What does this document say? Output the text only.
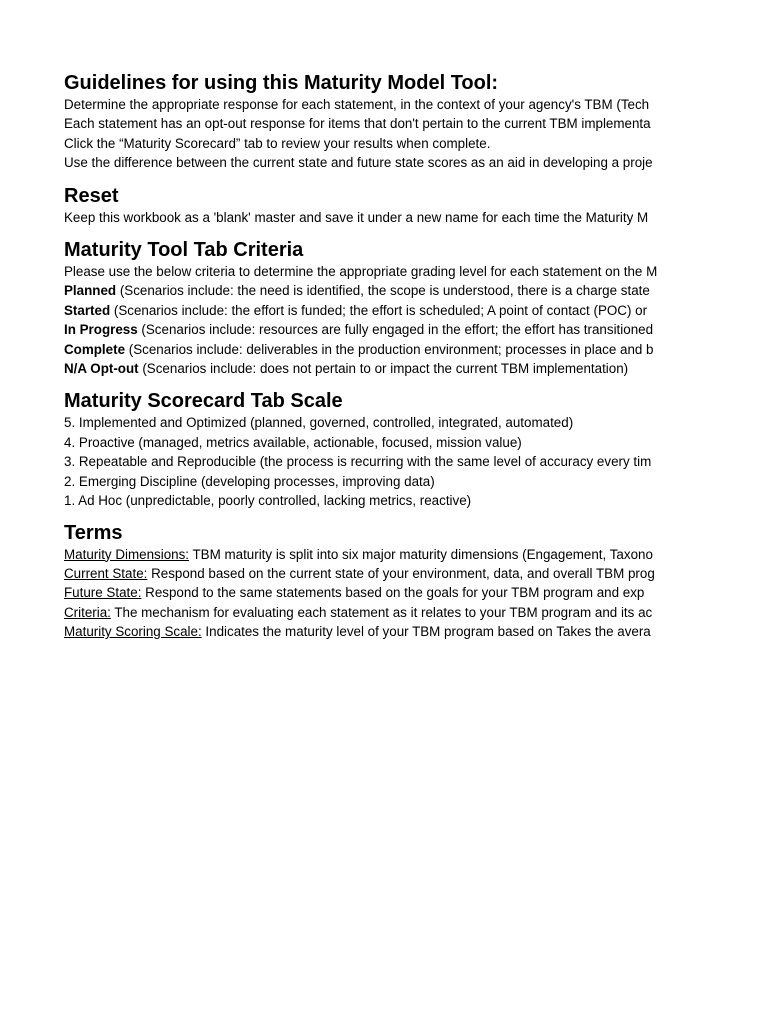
Guidelines for using this Maturity Model Tool:
Determine the appropriate response for each statement, in the context of your agency's TBM (Tech
Each statement has an opt-out response for items that don't pertain to the current TBM implementa
Click the “Maturity Scorecard” tab to review your results when complete.
Use the difference between the current state and future state scores as an aid in developing a proje
Reset
Keep this workbook as a 'blank' master and save it under a new name for each time the Maturity M
Maturity Tool Tab Criteria
Please use the below criteria to determine the appropriate grading level for each statement on the M
Planned (Scenarios include: the need is identified, the scope is understood, there is a charge state
Started (Scenarios include: the effort is funded; the effort is scheduled; A point of contact (POC) or
In Progress (Scenarios include: resources are fully engaged in the effort; the effort has transitioned
Complete (Scenarios include: deliverables in the production environment; processes in place and b
N/A Opt-out (Scenarios include: does not pertain to or impact the current TBM implementation)
Maturity Scorecard Tab Scale
5. Implemented and Optimized (planned, governed, controlled, integrated, automated)
4. Proactive (managed, metrics available, actionable, focused, mission value)
3. Repeatable and Reproducible (the process is recurring with the same level of accuracy every tim
2. Emerging Discipline (developing processes, improving data)
1. Ad Hoc (unpredictable, poorly controlled, lacking metrics, reactive)
Terms
Maturity Dimensions: TBM maturity is split into six major maturity dimensions (Engagement, Taxono
Current State: Respond based on the current state of your environment, data, and overall TBM prog
Future State: Respond to the same statements based on the goals for your TBM program and exp
Criteria: The mechanism for evaluating each statement as it relates to your TBM program and its ac
Maturity Scoring Scale: Indicates the maturity level of your TBM program based on Takes the avera
